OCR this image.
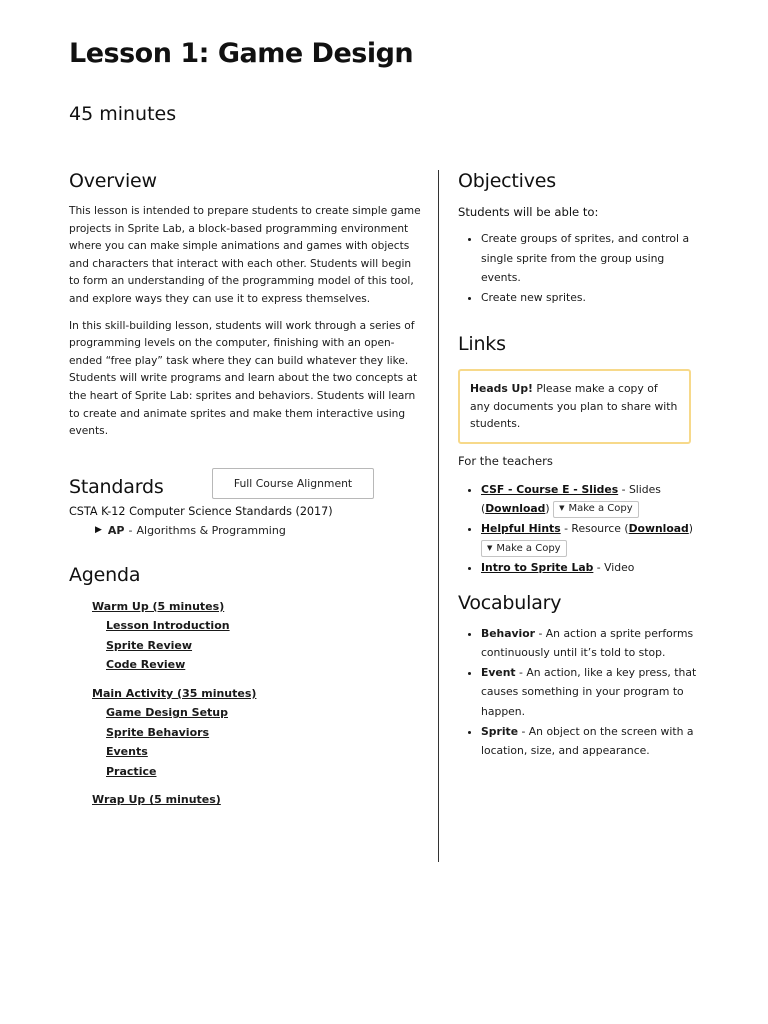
Lesson 1: Game Design
45 minutes
Overview

This lesson is intended to prepare students to create simple game projects in Sprite Lab, a block-based programming environment where you can make simple animations and games with objects and characters that interact with each other. Students will begin to form an understanding of the programming model of this tool, and explore ways they can use it to express themselves.

In this skill-building lesson, students will work through a series of programming levels on the computer, finishing with an open-ended “free play” task where they can build whatever they like. Students will write programs and learn about the two concepts at the heart of Sprite Lab: sprites and behaviors. Students will learn to create and animate sprites and make them interactive using events.

Standards	Full Course Alignment
CSTA K-12 Computer Science Standards (2017)
▶ AP - Algorithms & Programming
Agenda
Warm Up (5 minutes)
Lesson Introduction
Sprite Review
Code Review
Main Activity (35 minutes)
Game Design Setup
Sprite Behaviors
Events
Practice
Wrap Up (5 minutes)
Objectives
Students will be able to:
• Create groups of sprites, and control a single sprite from the group using events.
• Create new sprites.
Links
Heads Up! Please make a copy of any documents you plan to share with students.
For the teachers
• CSF - Course E - Slides - Slides (Download) ▼ Make a Copy
• Helpful Hints - Resource (Download)
▼ Make a Copy
• Intro to Sprite Lab - Video
Vocabulary
• Behavior - An action a sprite performs continuously until it’s told to stop.
• Event - An action, like a key press, that causes something in your program to happen.
• Sprite - An object on the screen with a location, size, and appearance.
